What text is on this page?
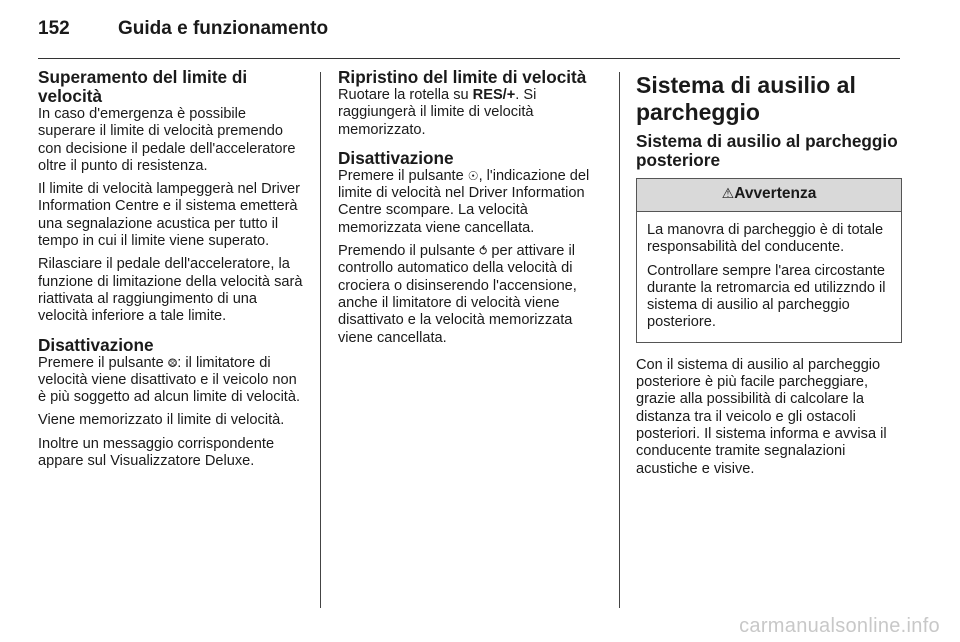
152	Guida e funzionamento
Superamento del limite di velocità

In caso d'emergenza è possibile superare il limite di velocità premendo con decisione il pedale dell'acceleratore oltre il punto di resistenza.

Il limite di velocità lampeggerà nel Driver Information Centre e il sistema emetterà una segnalazione acustica per tutto il tempo in cui il limite viene superato.

Rilasciare il pedale dell'acceleratore, la funzione di limitazione della velocità sarà riattivata al raggiungimento di una velocità inferiore a tale limite.

Disattivazione

Premere il pulsante ⨷: il limitatore di velocità viene disattivato e il veicolo non è più soggetto ad alcun limite di velocità.

Viene memorizzato il limite di velocità.

Inoltre un messaggio corrispondente appare sul Visualizzatore Deluxe.

Ripristino del limite di velocità

Ruotare la rotella su RES/+. Si raggiungerà il limite di velocità memorizzato.

Disattivazione

Premere il pulsante ☉, l'indicazione del limite di velocità nel Driver Information Centre scompare. La velocità memorizzata viene cancellata.

Premendo il pulsante ⥀ per attivare il controllo automatico della velocità di crociera o disinserendo l'accensione, anche il limitatore di velocità viene disattivato e la velocità memorizzata viene cancellata.

Sistema di ausilio al parcheggio
Sistema di ausilio al parcheggio posteriore
⚠Avvertenza

La manovra di parcheggio è di totale responsabilità del conducente.

Controllare sempre l'area circostante durante la retromarcia ed utilizzndo il sistema di ausilio al parcheggio posteriore.

Con il sistema di ausilio al parcheggio posteriore è più facile parcheggiare, grazie alla possibilità di calcolare la distanza tra il veicolo e gli ostacoli posteriori. Il sistema informa e avvisa il conducente tramite segnalazioni acustiche e visive.

carmanualsonline.info
